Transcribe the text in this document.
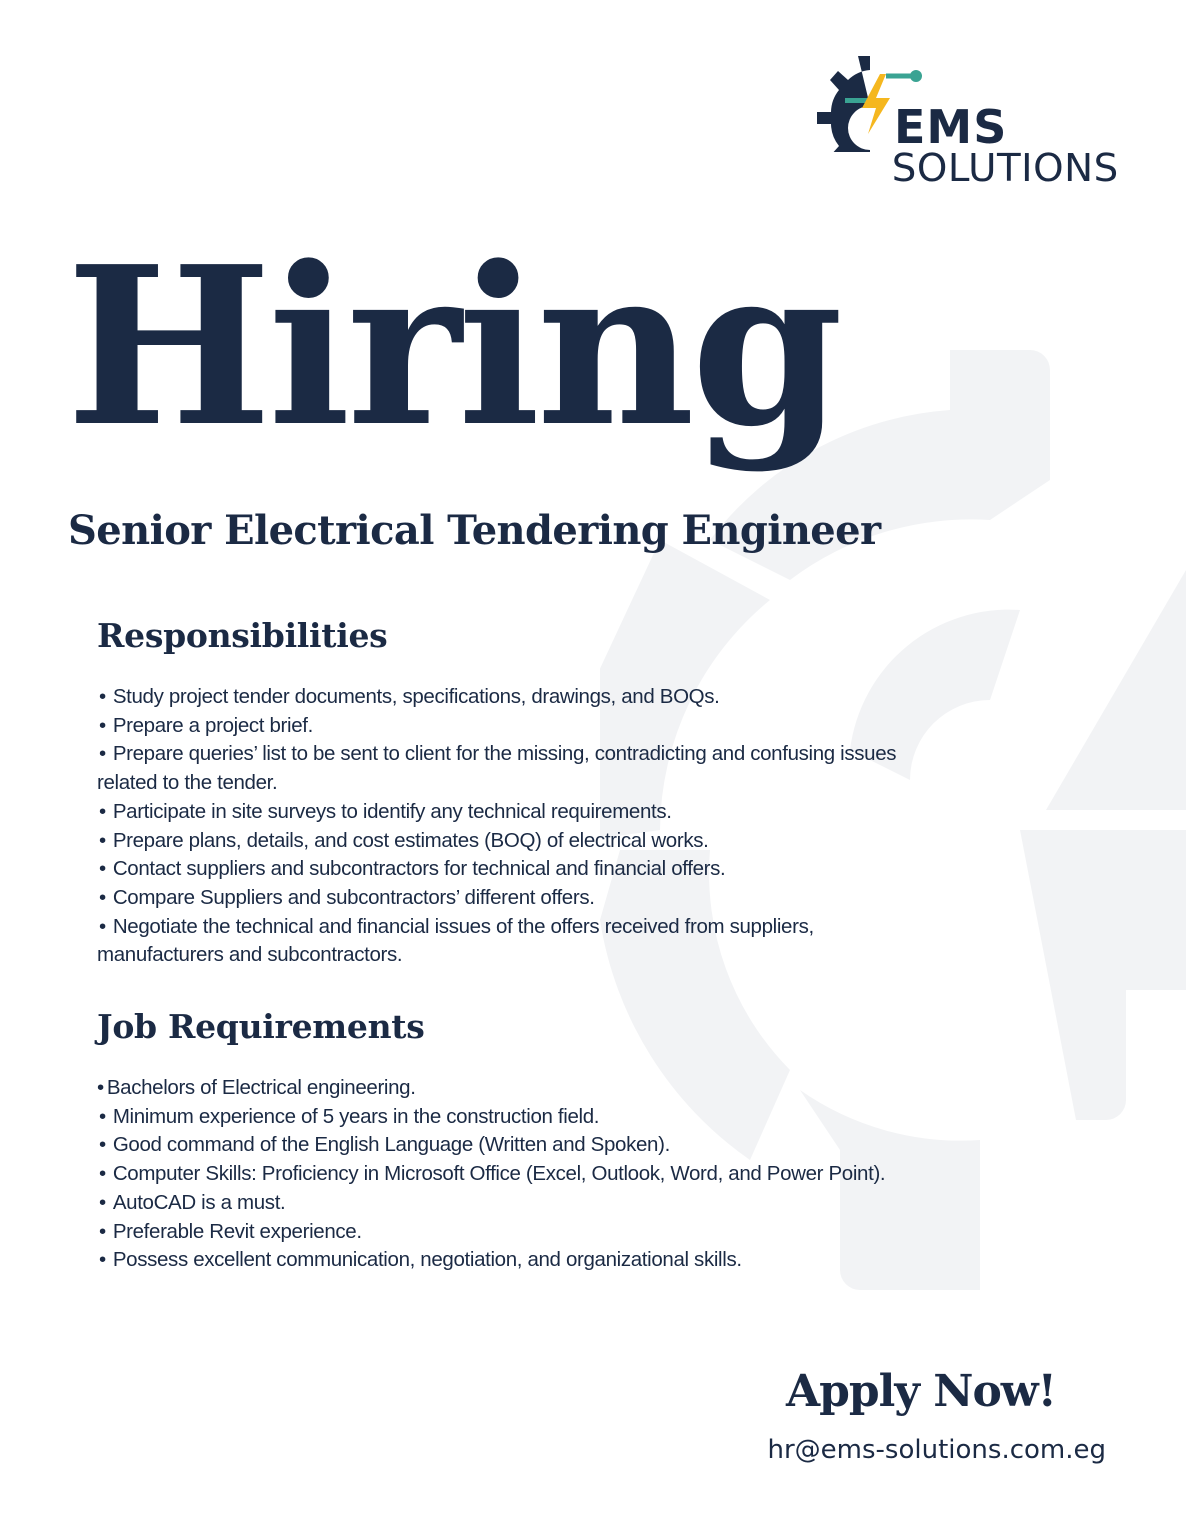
EMS

SOLUTIONS

Hiring
Senior Electrical Tendering Engineer
Responsibilities
• Study project tender documents, specifications, drawings, and BOQs.
• Prepare a project brief.
• Prepare queries’ list to be sent to client for the missing, contradicting and confusing issues related to the tender.
• Participate in site surveys to identify any technical requirements.
• Prepare plans, details, and cost estimates (BOQ) of electrical works.
• Contact suppliers and subcontractors for technical and financial offers.
• Compare Suppliers and subcontractors’ different offers.
• Negotiate the technical and financial issues of the offers received from suppliers, manufacturers and subcontractors.
Job Requirements
• Bachelors of Electrical engineering.
• Minimum experience of 5 years in the construction field.
• Good command of the English Language (Written and Spoken).
• Computer Skills: Proficiency in Microsoft Office (Excel, Outlook, Word, and Power Point).
• AutoCAD is a must.
• Preferable Revit experience.
• Possess excellent communication, negotiation, and organizational skills.

Apply Now!

hr@ems-solutions.com.eg
